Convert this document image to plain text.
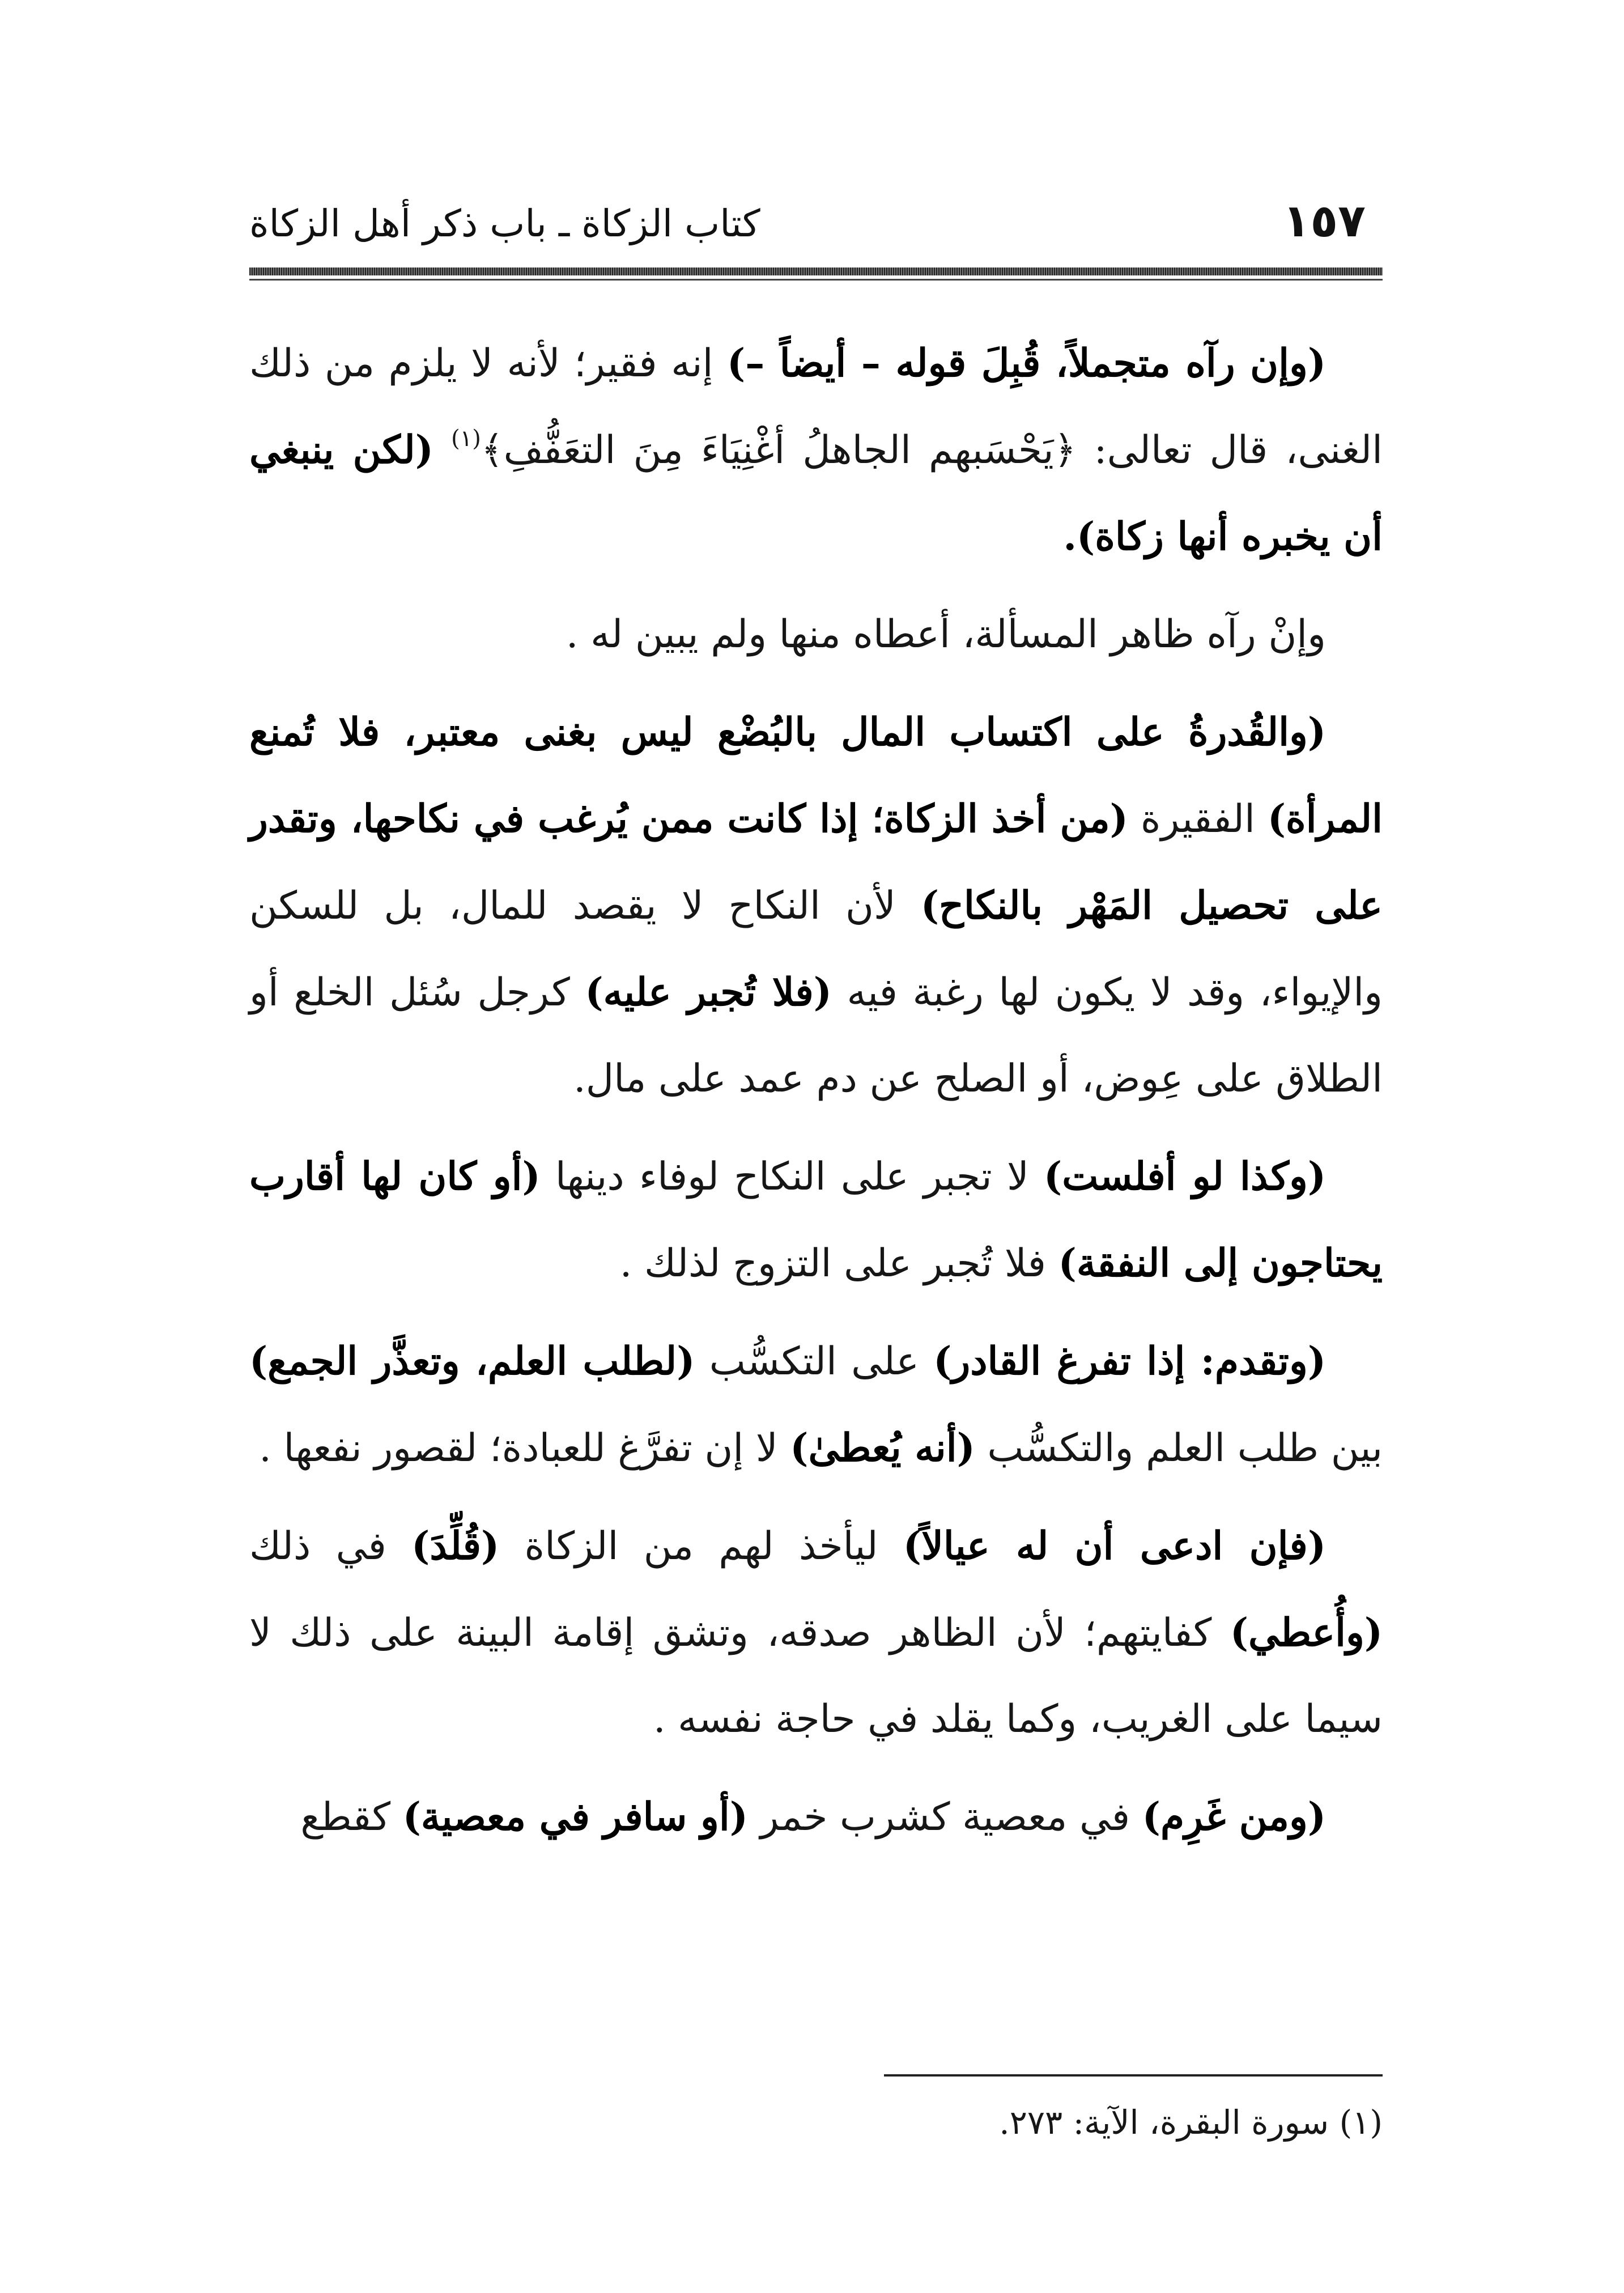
١٥٧
كتاب الزكاة ـ باب ذكر أهل الزكاة

(وإن رآه متجملاً، قُبِلَ قوله – أيضاً –) إنه فقير؛ لأنه لا يلزم من ذلك الغنى، قال تعالى: ﴿يَحْسَبهم الجاهلُ أغْنِيَاءَ مِنَ التعَفُّفِ﴾$^{(١)}$ (لكن ينبغي أن يخبره أنها زكاة).

وإنْ رآه ظاهر المسألة، أعطاه منها ولم يبين له .

(والقُدرةُ على اكتساب المال بالبُضْع ليس بغنى معتبر، فلا تُمنع المرأة) الفقيرة (من أخذ الزكاة؛ إذا كانت ممن يُرغب في نكاحها، وتقدر على تحصيل المَهْر بالنكاح) لأن النكاح لا يقصد للمال، بل للسكن والإيواء، وقد لا يكون لها رغبة فيه (فلا تُجبر عليه) كرجل سُئل الخلع أو الطلاق على عِوض، أو الصلح عن دم عمد على مال.

(وكذا لو أفلست) لا تجبر على النكاح لوفاء دينها (أو كان لها أقارب يحتاجون إلى النفقة) فلا تُجبر على التزوج لذلك .

(وتقدم: إذا تفرغ القادر) على التكسُّب (لطلب العلم، وتعذَّر الجمع) بين طلب العلم والتكسُّب (أنه يُعطىٰ) لا إن تفرَّغ للعبادة؛ لقصور نفعها .

(فإن ادعى أن له عيالاً) ليأخذ لهم من الزكاة (قُلِّدَ) في ذلك (وأُعطي) كفايتهم؛ لأن الظاهر صدقه، وتشق إقامة البينة على ذلك لا سيما على الغريب، وكما يقلد في حاجة نفسه .

(ومن غَرِم) في معصية كشرب خمر (أو سافر في معصية) كقطع

(١) سورة البقرة، الآية: ٢٧٣.
